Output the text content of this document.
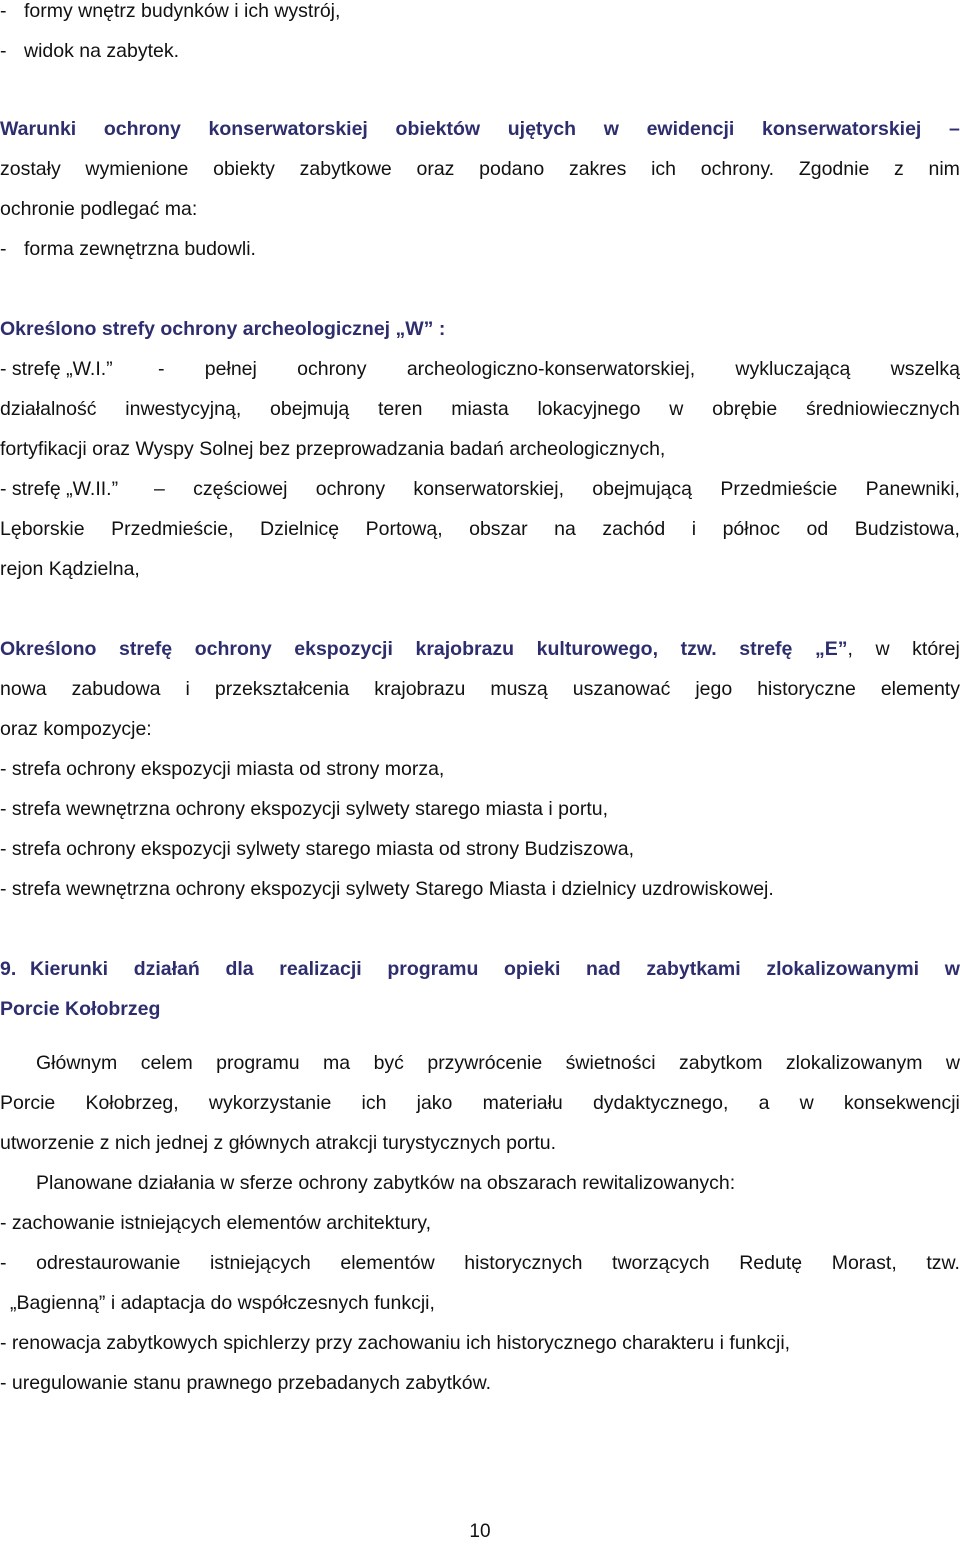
- formy wnętrz budynków i ich wystrój,
- widok na zabytek.
Warunki ochrony konserwatorskiej obiektów ujętych w ewidencji konserwatorskiej –
zostały wymienione obiekty zabytkowe oraz podano zakres ich ochrony. Zgodnie z nim
ochronie podlegać ma:
- forma zewnętrzna budowli.
Określono strefy ochrony archeologicznej „W” :
- strefę „W.I.” - pełnej ochrony archeologiczno-konserwatorskiej, wykluczającą wszelką
działalność inwestycyjną, obejmują teren miasta lokacyjnego w obrębie średniowiecznych
fortyfikacji oraz Wyspy Solnej bez przeprowadzania badań archeologicznych,
- strefę „W.II.” – częściowej ochrony konserwatorskiej, obejmującą Przedmieście Panewniki,
Lęborskie Przedmieście, Dzielnicę Portową, obszar na zachód i północ od Budzistowa,
rejon Kądzielna,
Określono strefę ochrony ekspozycji krajobrazu kulturowego, tzw. strefę „E”, w której
nowa zabudowa i przekształcenia krajobrazu muszą uszanować jego historyczne elementy
oraz kompozycje:
- strefa ochrony ekspozycji miasta od strony morza,
- strefa wewnętrzna ochrony ekspozycji sylwety starego miasta i portu,
- strefa ochrony ekspozycji sylwety starego miasta od strony Budziszowa,
- strefa wewnętrzna ochrony ekspozycji sylwety Starego Miasta i dzielnicy uzdrowiskowej.
9. Kierunki działań dla realizacji programu opieki nad zabytkami zlokalizowanymi w
Porcie Kołobrzeg
Głównym celem programu ma być przywrócenie świetności zabytkom zlokalizowanym w
Porcie Kołobrzeg, wykorzystanie ich jako materiału dydaktycznego, a w konsekwencji
utworzenie z nich jednej z głównych atrakcji turystycznych portu.
Planowane działania w sferze ochrony zabytków na obszarach rewitalizowanych:
- zachowanie istniejących elementów architektury,
- odrestaurowanie istniejących elementów historycznych tworzących Redutę Morast, tzw.
„Bagienną” i adaptacja do współczesnych funkcji,
- renowacja zabytkowych spichlerzy przy zachowaniu ich historycznego charakteru i funkcji,
- uregulowanie stanu prawnego przebadanych zabytków.
10
